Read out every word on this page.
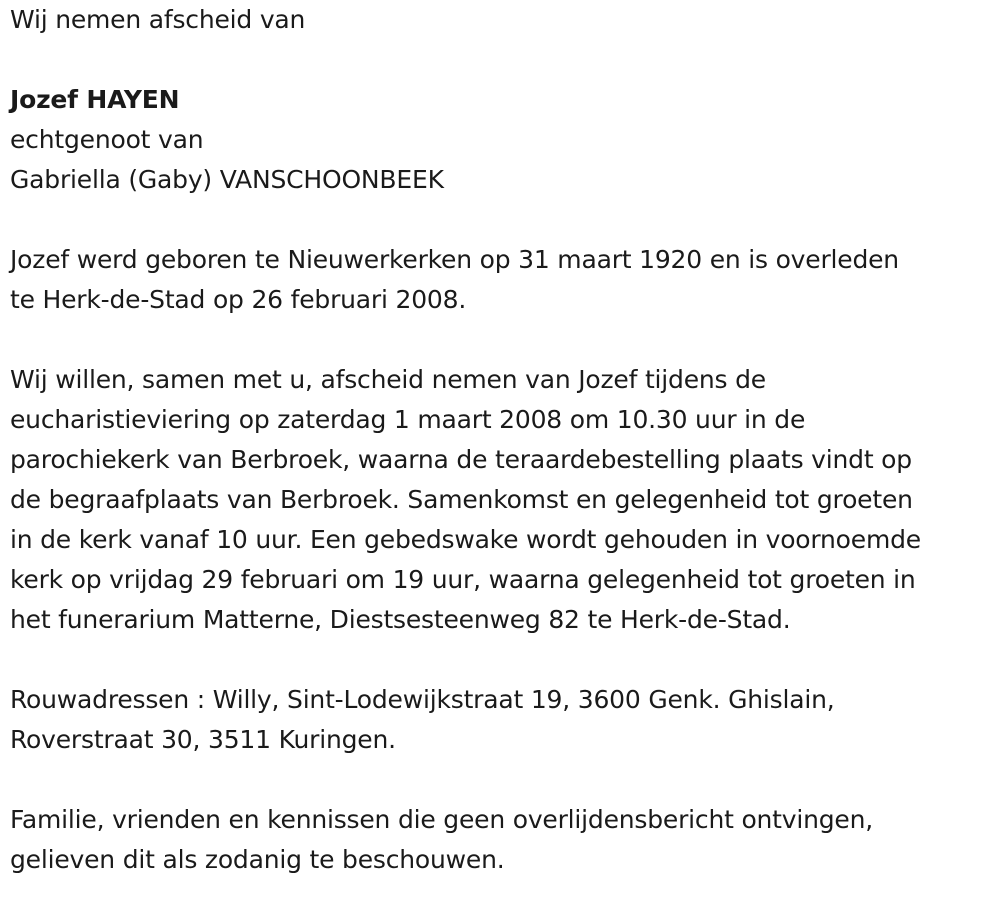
Wij nemen afscheid van

Jozef HAYEN

echtgenoot van

Gabriella (Gaby) VANSCHOONBEEK

Jozef werd geboren te Nieuwerkerken op 31 maart 1920 en is overleden

te Herk-de-Stad op 26 februari 2008.

Wij willen, samen met u, afscheid nemen van Jozef tijdens de

eucharistieviering op zaterdag 1 maart 2008 om 10.30 uur in de

parochiekerk van Berbroek, waarna de teraardebestelling plaats vindt op

de begraafplaats van Berbroek. Samenkomst en gelegenheid tot groeten

in de kerk vanaf 10 uur. Een gebedswake wordt gehouden in voornoemde

kerk op vrijdag 29 februari om 19 uur, waarna gelegenheid tot groeten in

het funerarium Matterne, Diestsesteenweg 82 te Herk-de-Stad.

Rouwadressen : Willy, Sint-Lodewijkstraat 19, 3600 Genk. Ghislain,

Roverstraat 30, 3511 Kuringen.

Familie, vrienden en kennissen die geen overlijdensbericht ontvingen,

gelieven dit als zodanig te beschouwen.
